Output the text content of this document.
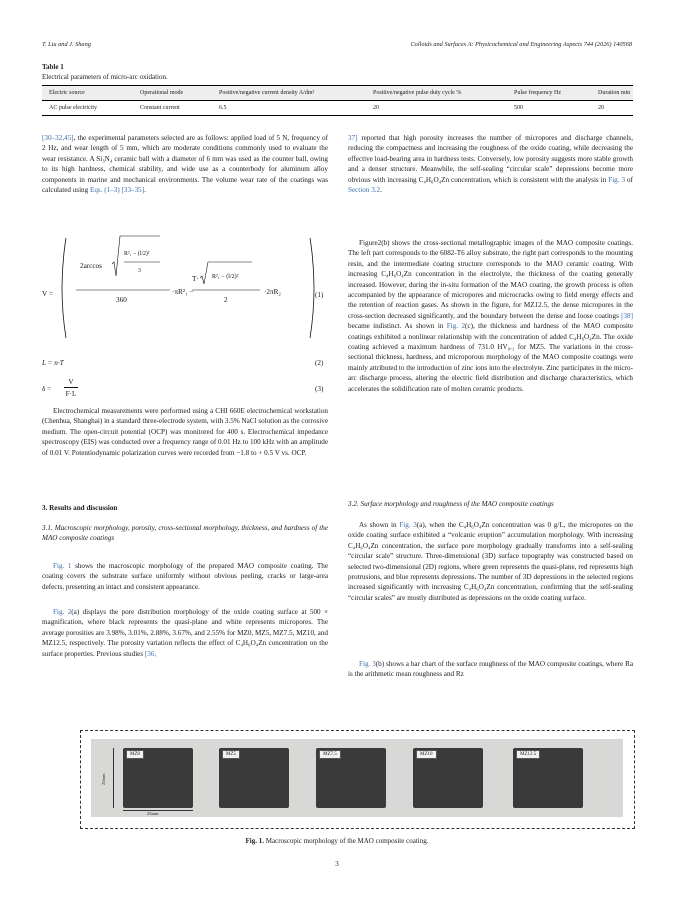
T. Liu and J. Shang	Colloids and Surfaces A: Physicochemical and Engineering Aspects 744 (2026) 140568
Table 1
Electrical parameters of micro-arc oxidation.
Electric source	Operational mode	Positive/negative current density A/dm²	Positive/negative pulse duty cycle %	Pulse frequency Hz	Duration min
AC pulse electricity	Constant current	6.5	20	500	20

[30–32,45], the experimental parameters selected are as follows: applied load of 5 N, frequency of 2 Hz, and wear length of 5 mm, which are moderate conditions commonly used to evaluate the wear resistance. A Si₃N₄ ceramic ball with a diameter of 6 mm was used as the counter ball, owing to its high hardness, chemical stability, and wide use as a counterbody for aluminum alloy components in marine and mechanical environments. The volume wear rate of the coatings was calculated using Eqs. (1–3) [33–35].

V =
2arccos
R²₁ − (l/2)²
3
360
·πR²₁ −
T· R²₁ − (l/2)²
2
·2πR₂	(1)
L = n·T	(2)
δ =
V
F·L
(3)

Electrochemical measurements were performed using a CHI 660E electrochemical workstation (Chenhua, Shanghai) in a standard three-electrode system, with 3.5% NaCl solution as the corrosive medium. The open-circuit potential (OCP) was monitored for 400 s. Electrochemical impedance spectroscopy (EIS) was conducted over a frequency range of 0.01 Hz to 100 kHz with an amplitude of 0.01 V. Potentiodynamic polarization curves were recorded from −1.8 to + 0.5 V vs. OCP.

3. Results and discussion
3.1. Macroscopic morphology, porosity, cross-sectional morphology, thickness, and hardness of the MAO composite coatings

Fig. 1 shows the macroscopic morphology of the prepared MAO composite coating. The coating covers the substrate surface uniformly without obvious peeling, cracks or large-area defects, presenting an intact and consistent appearance.

Fig. 2(a) displays the pore distribution morphology of the oxide coating surface at 500 × magnification, where black represents the quasi-plane and white represents micropores. The average porosities are 3.98%, 3.01%, 2.88%, 3.67%, and 2.55% for MZ0, MZ5, MZ7.5, MZ10, and MZ12.5, respectively. The porosity variation reflects the effect of C₄H₆O₄Zn concentration on the surface properties. Previous studies [36,

37] reported that high porosity increases the number of micropores and discharge channels, reducing the compactness and increasing the roughness of the oxide coating, while decreasing the effective load-bearing area in hardness tests. Conversely, low porosity suggests more stable growth and a denser structure. Meanwhile, the self-sealing “circular scale” depressions become more obvious with increasing C₄H₆O₄Zn concentration, which is consistent with the analysis in Fig. 3 of Section 3.2.

Figure2(b) shows the cross-sectional metallographic images of the MAO composite coatings. The left part corresponds to the 6082-T6 alloy substrate, the right part corresponds to the mounting resin, and the intermediate coating structure corresponds to the MAO ceramic coating. With increasing C₄H₆O₄Zn concentration in the electrolyte, the thickness of the coating generally increased. However, during the in-situ formation of the MAO coating, the growth process is often accompanied by the appearance of micropores and microcracks owing to field energy effects and the retention of reaction gases. As shown in the figure, for MZ12.5, the dense micropores in the cross-section decreased significantly, and the boundary between the dense and loose coatings [38] became indistinct. As shown in Fig. 2(c), the thickness and hardness of the MAO composite coatings exhibited a nonlinear relationship with the concentration of added C₄H₆O₄Zn. The oxide coating achieved a maximum hardness of 731.0 HV₀.₁ for MZ5. The variations in the cross-sectional thickness, hardness, and microporous morphology of the MAO composite coatings were mainly attributed to the introduction of zinc ions into the electrolyte. Zinc participates in the micro-arc discharge process, altering the electric field distribution and discharge characteristics, which accelerates the solidification rate of molten ceramic products.

3.2. Surface morphology and roughness of the MAO composite coatings

As shown in Fig. 3(a), when the C₄H₆O₄Zn concentration was 0 g/L, the micropores on the oxide coating surface exhibited a “volcanic eruption” accumulation morphology. With increasing C₄H₆O₄Zn concentration, the surface pore morphology gradually transforms into a self-sealing “circular scale” structure. Three-dimensional (3D) surface topography was constructed based on selected two-dimensional (2D) regions, where green represents the quasi-plane, red represents high protrusions, and blue represents depressions. The number of 3D depressions in the selected regions increased significantly with increasing C₄H₆O₄Zn concentration, confirming that the self-sealing “circular scales” are mostly distributed as depressions on the oxide coating surface.

Fig. 3(b) shows a bar chart of the surface roughness of the MAO composite coatings, where Ra is the arithmetic mean roughness and Rz

MZ0	MZ5	MZ7.5	MZ10	MZ12.5
25mm
25mm
Fig. 1. Macroscopic morphology of the MAO composite coating.
3
